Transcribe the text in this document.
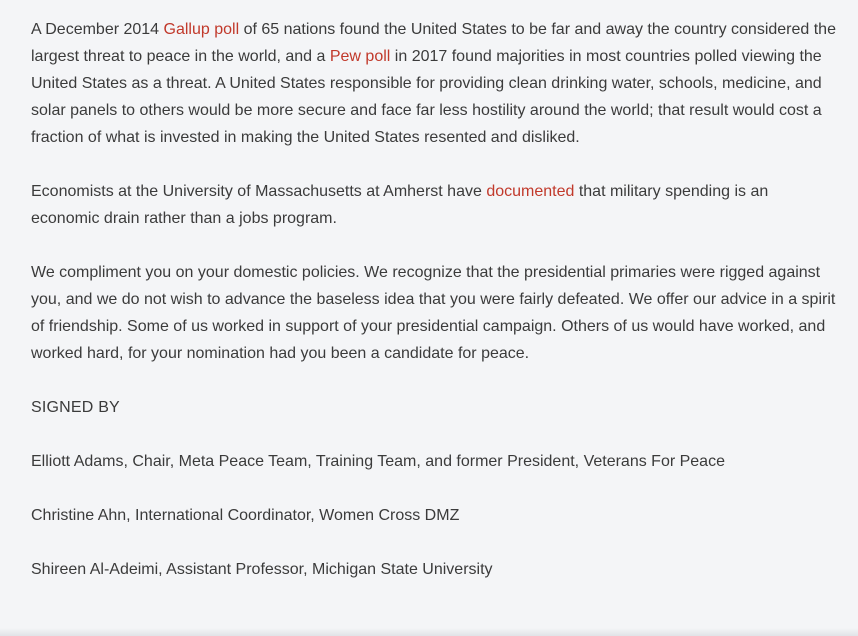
A December 2014 Gallup poll of 65 nations found the United States to be far and away the country considered the largest threat to peace in the world, and a Pew poll in 2017 found majorities in most countries polled viewing the United States as a threat. A United States responsible for providing clean drinking water, schools, medicine, and solar panels to others would be more secure and face far less hostility around the world; that result would cost a fraction of what is invested in making the United States resented and disliked.

Economists at the University of Massachusetts at Amherst have documented that military spending is an economic drain rather than a jobs program.

We compliment you on your domestic policies. We recognize that the presidential primaries were rigged against you, and we do not wish to advance the baseless idea that you were fairly defeated. We offer our advice in a spirit of friendship. Some of us worked in support of your presidential campaign. Others of us would have worked, and worked hard, for your nomination had you been a candidate for peace.

SIGNED BY

Elliott Adams, Chair, Meta Peace Team, Training Team, and former President, Veterans For Peace

Christine Ahn, International Coordinator, Women Cross DMZ

Shireen Al-Adeimi, Assistant Professor, Michigan State University
